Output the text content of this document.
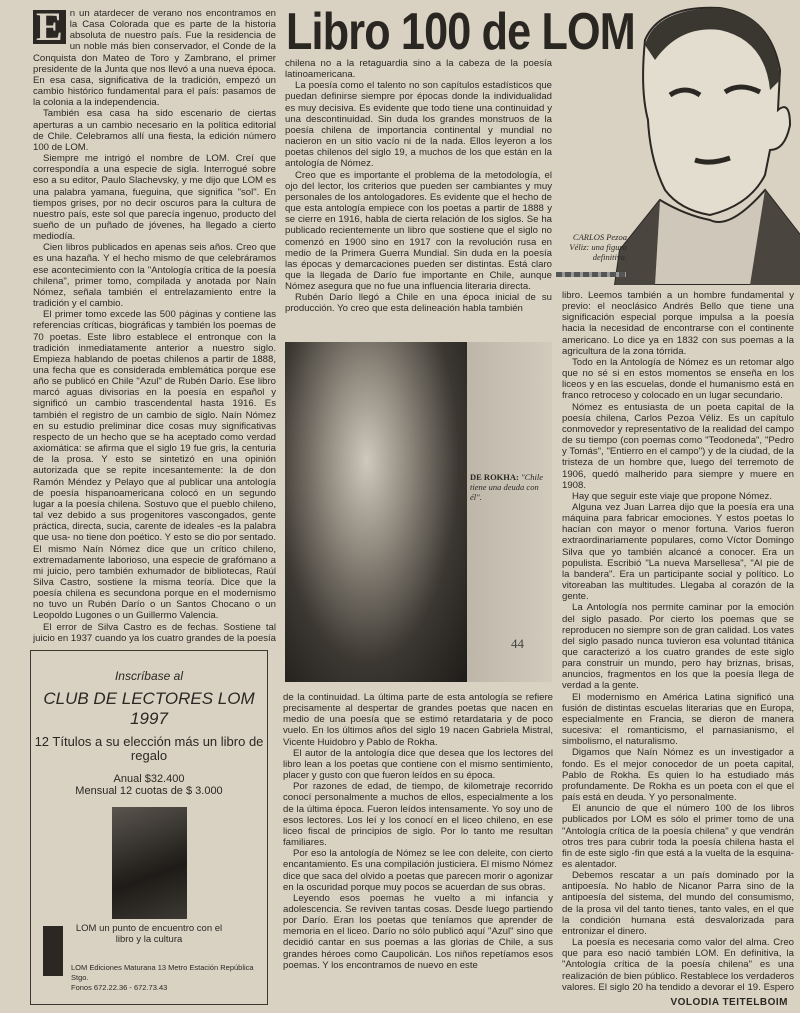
Libro 100 de LOM

E n un atardecer de verano nos encontramos en la Casa Colorada que es parte de la historia absoluta de nuestro país. Fue la residencia de un noble más bien conservador, el Conde de la Conquista don Mateo de Toro y Zambrano, el primer presidente de la Junta que nos llevó a una nueva época. En esa casa, significativa de la tradición, empezó un cambio histórico fundamental para el país: pasamos de la colonia a la independencia.

También esa casa ha sido escenario de ciertas aperturas a un cambio necesario en la política editorial de Chile. Celebramos allí una fiesta, la edición número 100 de LOM.

Siempre me intrigó el nombre de LOM. Creí que correspondía a una especie de sigla. Interrogué sobre eso a su editor, Paulo Slachevsky, y me dijo que LOM es una palabra yamana, fueguina, que significa "sol". En tiempos grises, por no decir oscuros para la cultura de nuestro país, este sol que parecía ingenuo, producto del sueño de un puñado de jóvenes, ha llegado a cierto mediodía.

Cien libros publicados en apenas seis años. Creo que es una hazaña. Y el hecho mismo de que celebráramos ese acontecimiento con la "Antología crítica de la poesía chilena", primer tomo, compilada y anotada por Naín Nómez, señala también el entrelazamiento entre la tradición y el cambio.

El primer tomo excede las 500 páginas y contiene las referencias críticas, biográficas y también los poemas de 70 poetas. Este libro establece el entronque con la tradición inmediatamente anterior a nuestro siglo. Empieza hablando de poetas chilenos a partir de 1888, una fecha que es considerada emblemática porque ese año se publicó en Chile "Azul" de Rubén Darío. Ese libro marcó aguas divisorias en la poesía en español y significó un cambio trascendental hasta 1916. Es también el registro de un cambio de siglo. Naín Nómez en su estudio preliminar dice cosas muy significativas respecto de un hecho que se ha aceptado como verdad axiomática: se afirma que el siglo 19 fue gris, la centuria de la prosa. Y esto se sintetizó en una opinión autorizada que se repite incesantemente: la de don Ramón Méndez y Pelayo que al publicar una antología de poesía hispanoamericana colocó en un segundo lugar a la poesía chilena. Sostuvo que el pueblo chileno, tal vez debido a sus progenitores vascongados, gente práctica, directa, sucia, carente de ideales -es la palabra que usa- no tiene don poético. Y esto se dio por sentado. El mismo Naín Nómez dice que un crítico chileno, extremadamente laborioso, una especie de grafómano a mi juicio, pero también exhumador de bibliotecas, Raúl Silva Castro, sostiene la misma teoría. Dice que la poesía chilena es secundona porque en el modernismo no tuvo un Rubén Darío o un Santos Chocano o un Leopoldo Lugones o un Guillermo Valencia.

El error de Silva Castro es de fechas. Sostiene tal juicio en 1937 cuando ya los cuatro grandes de la poesía

Inscríbase al
CLUB DE LECTORES LOM
1997
12 Títulos a su elección más un libro de regalo
Anual $32.400
Mensual 12 cuotas de $ 3.000
LOM un punto de encuentro con el libro y la cultura
LOM Ediciones Maturana 13 Metro Estación República Stgo.
Fonos 672.22.36 - 672.73.43

chilena no a la retaguardia sino a la cabeza de la poesía latinoamericana.

La poesía como el talento no son capítulos estadísticos que puedan definirse siempre por épocas donde la individualidad es muy decisiva. Es evidente que todo tiene una continuidad y una descontinuidad. Sin duda los grandes monstruos de la poesía chilena de importancia continental y mundial no nacieron en un sitio vacío ni de la nada. Ellos leyeron a los poetas chilenos del siglo 19, a muchos de los que están en la antología de Nómez.

Creo que es importante el problema de la metodología, el ojo del lector, los criterios que pueden ser cambiantes y muy personales de los antologadores. Es evidente que el hecho de que esta antología empiece con los poetas a partir de 1888 y se cierre en 1916, habla de cierta relación de los siglos. Se ha publicado recientemente un libro que sostiene que el siglo no comenzó en 1900 sino en 1917 con la revolución rusa en medio de la Primera Guerra Mundial. Sin duda en la poesía las épocas y demarcaciones pueden ser distintas. Está claro que la llegada de Darío fue importante en Chile, aunque Nómez asegura que no fue una influencia literaria directa.

Rubén Darío llegó a Chile en una época inicial de su producción. Yo creo que esta delineación habla también

DE ROKHA: "Chile tiene una deuda con él".
44

de la continuidad. La última parte de esta antología se refiere precisamente al despertar de grandes poetas que nacen en medio de una poesía que se estimó retardataria y de poco vuelo. En los últimos años del siglo 19 nacen Gabriela Mistral, Vicente Huidobro y Pablo de Rokha.

El autor de la antología dice que desea que los lectores del libro lean a los poetas que contiene con el mismo sentimiento, placer y gusto con que fueron leídos en su época.

Por razones de edad, de tiempo, de kilometraje recorrido conocí personalmente a muchos de ellos, especialmente a los de la última época. Fueron leídos intensamente. Yo soy uno de esos lectores. Los leí y los conocí en el liceo chileno, en ese liceo fiscal de principios de siglo. Por lo tanto me resultan familiares.

Por eso la antología de Nómez se lee con deleite, con cierto encantamiento. Es una compilación justiciera. El mismo Nómez dice que saca del olvido a poetas que parecen morir o agonizar en la oscuridad porque muy pocos se acuerdan de sus obras.

Leyendo esos poemas he vuelto a mi infancia y adolescencia. Se reviven tantas cosas. Desde luego partiendo por Darío. Eran los poetas que teníamos que aprender de memoria en el liceo. Darío no sólo publicó aquí "Azul" sino que decidió cantar en sus poemas a las glorias de Chile, a sus grandes héroes como Caupolicán. Los niños repetíamos esos poemas. Y los encontramos de nuevo en este

CARLOS Pezoa Véliz: una figura definitiva.

libro. Leemos también a un hombre fundamental y previo: el neoclásico Andrés Bello que tiene una significación especial porque impulsa a la poesía hacia la necesidad de encontrarse con el continente americano. Lo dice ya en 1832 con sus poemas a la agricultura de la zona tórrida.

Todo en la Antología de Nómez es un retomar algo que no sé si en estos momentos se enseña en los liceos y en las escuelas, donde el humanismo está en franco retroceso y colocado en un lugar secundario.

Nómez es entusiasta de un poeta capital de la poesía chilena, Carlos Pezoa Véliz. Es un capítulo conmovedor y representativo de la realidad del campo de su tiempo (con poemas como "Teodoneda", "Pedro y Tomás", "Entierro en el campo") y de la ciudad, de la tristeza de un hombre que, luego del terremoto de 1906, quedó malherido para siempre y muere en 1908.

Hay que seguir este viaje que propone Nómez.

Alguna vez Juan Larrea dijo que la poesía era una máquina para fabricar emociones. Y estos poetas lo hacían con mayor o menor fortuna. Varios fueron extraordinariamente populares, como Víctor Domingo Silva que yo también alcancé a conocer. Era un populista. Escribió "La nueva Marsellesa", "Al pie de la bandera". Era un participante social y político. Lo vitoreaban las multitudes. Llegaba al corazón de la gente.

La Antología nos permite caminar por la emoción del siglo pasado. Por cierto los poemas que se reproducen no siempre son de gran calidad. Los vates del siglo pasado nunca tuvieron esa voluntad titánica que caracterizó a los cuatro grandes de este siglo para construir un mundo, pero hay briznas, brisas, anuncios, fragmentos en los que la poesía llega de verdad a la gente.

El modernismo en América Latina significó una fusión de distintas escuelas literarias que en Europa, especialmente en Francia, se dieron de manera sucesiva: el romanticismo, el parnasianismo, el simbolismo, el naturalismo.

Digamos que Naín Nómez es un investigador a fondo. Es el mejor conocedor de un poeta capital, Pablo de Rokha. Es quien lo ha estudiado más profundamente. De Rokha es un poeta con el que el país está en deuda. Y yo personalmente.

El anuncio de que el número 100 de los libros publicados por LOM es sólo el primer tomo de una "Antología crítica de la poesía chilena" y que vendrán otros tres para cubrir toda la poesía chilena hasta el fin de este siglo -fin que está a la vuelta de la esquina- es alentador.

Debemos rescatar a un país dominado por la antipoesía. No hablo de Nicanor Parra sino de la antipoesía del sistema, del mundo del consumismo, de la prosa vil del tanto tienes, tanto vales, en el que la condición humana está desvalorizada para entronizar el dinero.

La poesía es necesaria como valor del alma. Creo que para eso nació también LOM. En definitiva, la "Antología crítica de la poesía chilena" es una realización de bien público. Restablece los verdaderos valores. El siglo 20 ha tendido a devorar el 19. Espero

VOLODIA TEITELBOIM
